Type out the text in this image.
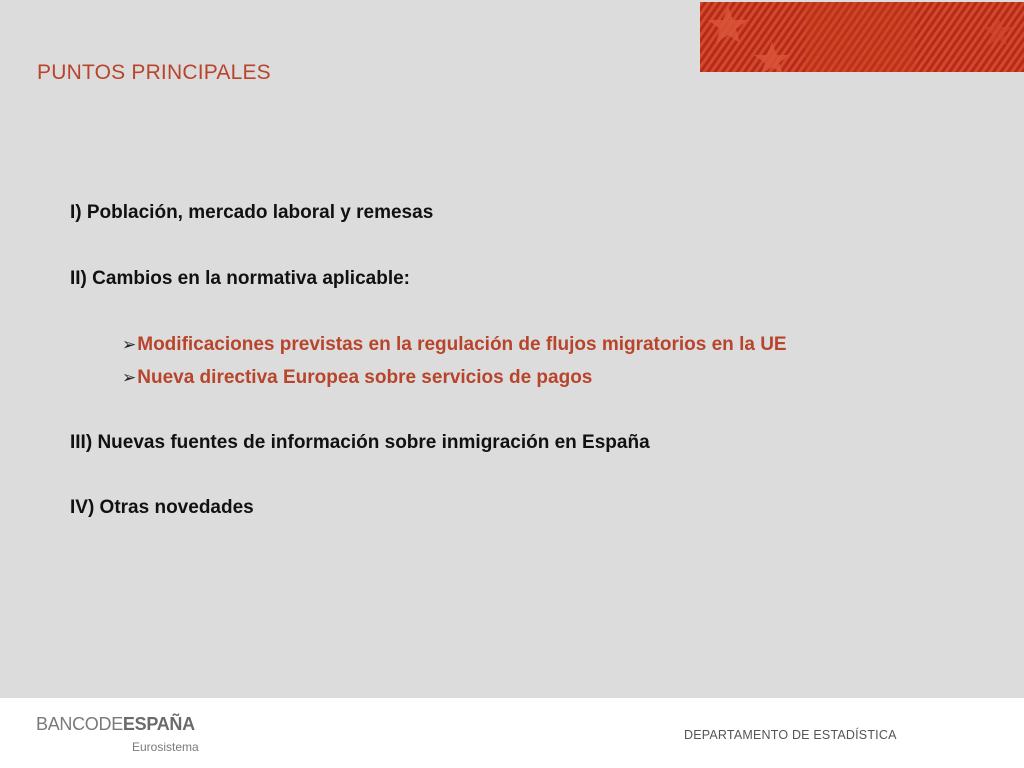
PUNTOS PRINCIPALES
I) Población, mercado laboral y remesas
II) Cambios en la normativa aplicable:
➢Modificaciones previstas en la regulación de flujos migratorios en la UE
➢Nueva directiva Europea sobre servicios de pagos
III) Nuevas fuentes de información sobre inmigración en España
IV) Otras novedades
BANCODEESPAÑA
Eurosistema
DEPARTAMENTO DE ESTADÍSTICA
